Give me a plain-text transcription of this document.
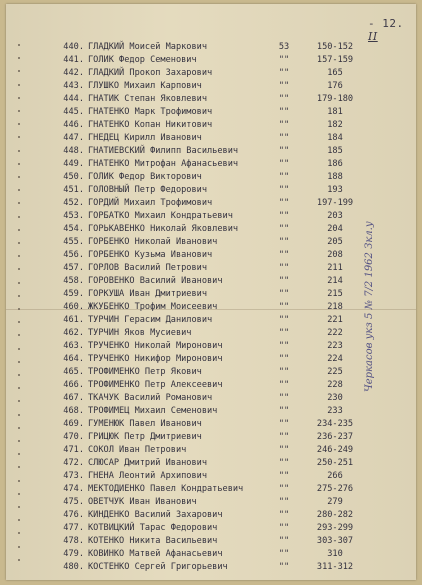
- 12. II
440. ГЛАДКИЙ Моисей Маркович	53	150-152
441. ГОЛИК Федор Семенович	""	157-159
442. ГЛАДКИЙ Прокоп Захарович	""	165
443. ГЛУШКО Михаил Карпович	""	176
444. ГНАТИК Степан Яковлевич	""	179-180
445. ГНАТЕНКО Марк Трофимович	""	181
446. ГНАТЕНКО Копан Никитович	""	182
447. ГНЕДЕЦ Кирилл Иванович	""	184
448. ГНАТИЕВСКИЙ Филипп Васильевич	""	185
449. ГНАТЕНКО Митрофан Афанасьевич	""	186
450. ГОЛИК Федор Викторович	""	188
451. ГОЛОВНЫЙ Петр Федорович	""	193
452. ГОРДИЙ Михаил Трофимович	""	197-199
453. ГОРБАТКО Михаил Кондратьевич	""	203
454. ГОРЬКАВЕНКО Николай Яковлевич	""	204
455. ГОРБЕНКО Николай Иванович	""	205
456. ГОРБЕНКО Кузьма Иванович	""	208
457. ГОРЛОВ Василий Петрович	""	211
458. ГОРОВЕНКО Василий Иванович	""	214
459. ГОРКУША Иван Дмитриевич	""	215
460. ЖКУБЕНКО Трофим Моисеевич	""	218
461. ТУРЧИН Герасим Данилович	""	221
462. ТУРЧИН Яков Мусиевич	""	222
463. ТРУЧЕНКО Николай Миронович	""	223
464. ТРУЧЕНКО Никифор Миронович	""	224
465. ТРОФИМЕНКО Петр Якович	""	225
466. ТРОФИМЕНКО Петр Алексеевич	""	228
467. ТКАЧУК Василий Романович	""	230
468. ТРОФИМЕЦ Михаил Семенович	""	233
469. ГУМЕНЮК Павел Иванович	""	234-235
470. ГРИЦЮК Петр Дмитриевич	""	236-237
471. СОКОЛ Иван Петрович	""	246-249
472. СЛЮСАР Дмитрий Иванович	""	250-251
473. ГНЕНА Леонтий Архипович	""	266
474. МЕКТОДИЕНКО Павел Кондратьевич	""	275-276
475. ОВЕТЧУК Иван Иванович	""	279
476. КИНДЕНКО Василий Захарович	""	280-282
477. КОТВИЦКИЙ Тарас Федорович	""	293-299
478. КОТЕНКО Никита Васильевич	""	303-307
479. КОВИНКО Матвей Афанасьевич	""	310
480. КОСТЕНКО Сергей Григорьевич	""	311-312
Черкасов укз 5 № 7/2 1962 Зкл.у
